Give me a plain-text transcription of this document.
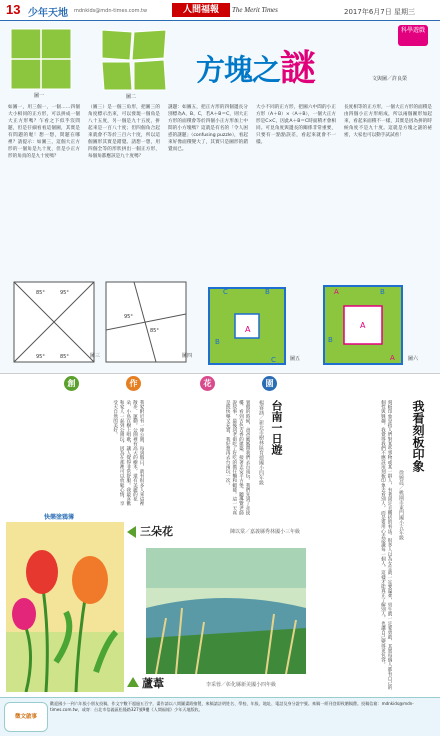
13 少年天地 mdnkids@mdn-times.com.tw	人間福報	The Merit Times	2017年6月7日 星期三
圖一	圖二
方塊之謎
科學遊戲
文與圖／許良榮
如圖一，用三個一，一個……四個大小相同的正方形，可以拼成一個大正方形嗎？乍看之下似乎沒問題，但是仔細看看這個圖，其實是有問題的喔！想一想，問題在哪裡？請提示：如圖三，這個大正方形的一個角是九十度，但是小正方形的角真的是九十度嗎？
（圖三）是一個三角形，把圖三的角度標示出來，可以發現一個角是八十五度，另一個是九十五度，拼起來是一百八十度；但四個角合起來就會不等於三百六十度，所以這個圖形其實是錯覺。請想一想，用四個全等的形狀拼出一個正方形，每個角都應該是九十度嗎？
謎題：如圖五，把正方形的四個邊長分別標為A、B、C，若A＋B＝C，則大正方形的面積會等於四個小正方形加上中間的小方塊嗎？這就是有名的「令人困惑的謎題」（confusing puzzle），看起來好像面積變大了，其實只是圖形的錯覺而已。
大小不同的正方形，把圖六中間的小正方形（A＋B）×（A＋B），一個大正方形是C×C，因此A＋B＝C時面積才會相同。可見角度與邊長的關係非常重要，只要有一點點誤差，看起來就會不一樣。
長度相等的正方形，一個大正方形的面積是由四個小正方形組成，所以兩個圖形加起來，看起來面積不一樣，其實是因為拼的時候角度不是九十度。這就是方塊之謎的祕密，大家也可以動手試試看！
85°	95°
95°	85°	圖三
95°
85°
圖四
C	B
A
B
C	圖五
A	B
A
B
A	圖六
創	作	花	園
我看刻板印象
徐婉晨／桃園市東門國小五年級
刻板印象是指人們對某些事物或某一群人，有著固定且概括的看法。很多人以為女生就一定要溫柔，男生就一定要勇敢，其實每個人都有自己的個性與興趣。我覺得我們不應該用刻板印象去看別人，而是要用心去認識每一個人，這樣才能真正了解別人，也讓自己變得更包容。
台南一日遊
楊睿涵／新北市樹林區育德國小四年級
暑假的時候，爸爸媽媽帶我們去台南玩。我們先到了赤崁樓，看到古色古香的建築，接著去安平古堡，聽導覽老師說故事，最後到老街吃了好吃的擔仔麵和蝦捲。這一天真是既快樂又充實，我好想再去台南玩一次。
我家附近有一座公園，每到假日，就有很多人來這裡散步、運動。公園裡有高大的樹木，還有美麗的花朵，小鳥在樹上唱歌，讓人覺得非常舒服。我最喜歡和家人一起到公園玩，因為在那裡可以放鬆心情，享受大自然的美好。
快樂塗鴉簿
三朵花	陳以棠／嘉義縣秀林國小三年級
蘆葦	李采蓉／彰化縣新美國小四年級
徵文啟事
歡迎國小一到六年級小朋友投稿，作文字數不超過五百字，畫作請以八開圖畫紙繪製，來稿請註明姓名、學校、年級、地址、電話及身分證字號。來稿一經刊登即致贈稿費。投稿信箱：mdnkids@mdn-times.com.tw，或寄：台北市信義區松隆路327號9樓《人間福報》少年天地版收。
